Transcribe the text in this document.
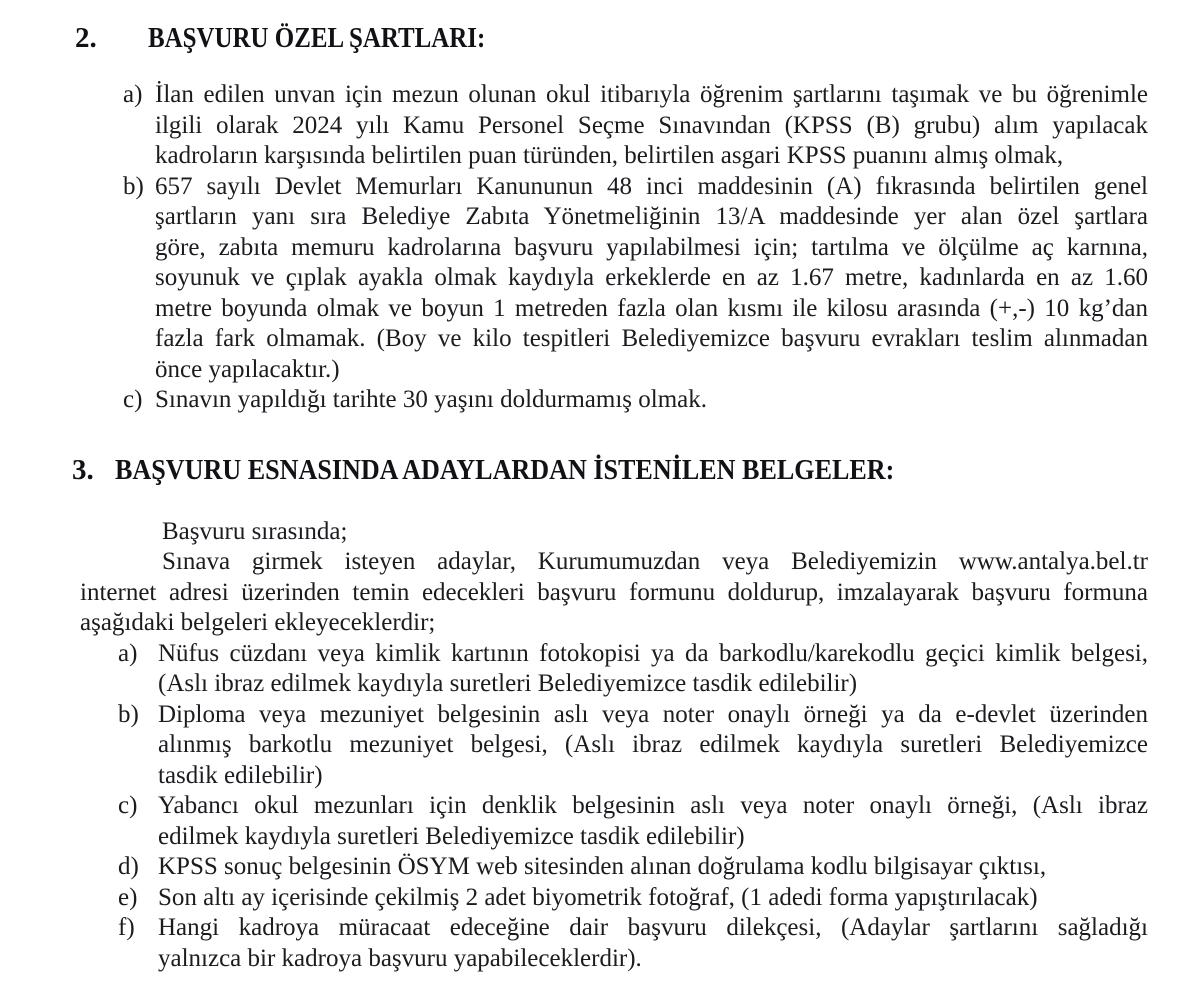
2. BAŞVURU ÖZEL ŞARTLARI:
a) İlan edilen unvan için mezun olunan okul itibarıyla öğrenim şartlarını taşımak ve bu öğrenimle
ilgili olarak 2024 yılı Kamu Personel Seçme Sınavından (KPSS (B) grubu) alım yapılacak
kadroların karşısında belirtilen puan türünden, belirtilen asgari KPSS puanını almış olmak,
b) 657 sayılı Devlet Memurları Kanununun 48 inci maddesinin (A) fıkrasında belirtilen genel
şartların yanı sıra Belediye Zabıta Yönetmeliğinin 13/A maddesinde yer alan özel şartlara
göre, zabıta memuru kadrolarına başvuru yapılabilmesi için; tartılma ve ölçülme aç karnına,
soyunuk ve çıplak ayakla olmak kaydıyla erkeklerde en az 1.67 metre, kadınlarda en az 1.60
metre boyunda olmak ve boyun 1 metreden fazla olan kısmı ile kilosu arasında (+,-) 10 kg’dan
fazla fark olmamak. (Boy ve kilo tespitleri Belediyemizce başvuru evrakları teslim alınmadan
önce yapılacaktır.)
c) Sınavın yapıldığı tarihte 30 yaşını doldurmamış olmak.
3. BAŞVURU ESNASINDA ADAYLARDAN İSTENİLEN BELGELER:
Başvuru sırasında;
Sınava girmek isteyen adaylar, Kurumumuzdan veya Belediyemizin www.antalya.bel.tr
internet adresi üzerinden temin edecekleri başvuru formunu doldurup, imzalayarak başvuru formuna
aşağıdaki belgeleri ekleyeceklerdir;
a) Nüfus cüzdanı veya kimlik kartının fotokopisi ya da barkodlu/karekodlu geçici kimlik belgesi,
(Aslı ibraz edilmek kaydıyla suretleri Belediyemizce tasdik edilebilir)
b) Diploma veya mezuniyet belgesinin aslı veya noter onaylı örneği ya da e-devlet üzerinden
alınmış barkotlu mezuniyet belgesi, (Aslı ibraz edilmek kaydıyla suretleri Belediyemizce
tasdik edilebilir)
c) Yabancı okul mezunları için denklik belgesinin aslı veya noter onaylı örneği, (Aslı ibraz
edilmek kaydıyla suretleri Belediyemizce tasdik edilebilir)
d) KPSS sonuç belgesinin ÖSYM web sitesinden alınan doğrulama kodlu bilgisayar çıktısı,
e) Son altı ay içerisinde çekilmiş 2 adet biyometrik fotoğraf, (1 adedi forma yapıştırılacak)
f) Hangi kadroya müracaat edeceğine dair başvuru dilekçesi, (Adaylar şartlarını sağladığı
yalnızca bir kadroya başvuru yapabileceklerdir).
